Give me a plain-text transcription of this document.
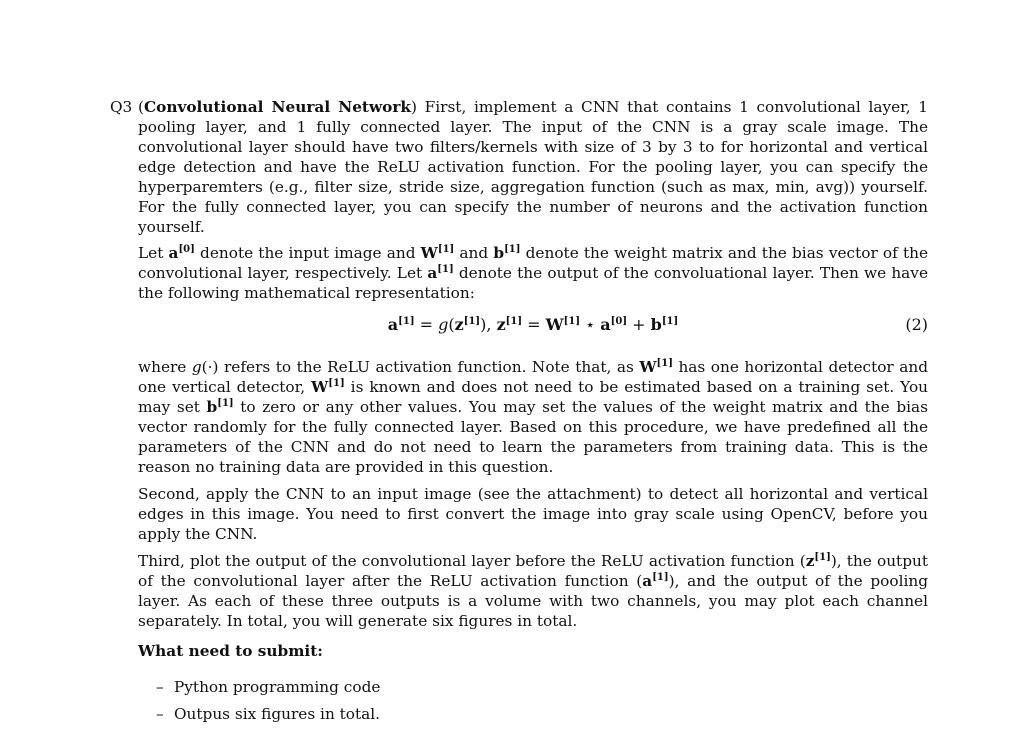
Q3 (Convolutional Neural Network) First, implement a CNN that contains 1 convolutional layer, 1 pooling layer, and 1 fully connected layer. The input of the CNN is a gray scale image. The convolutional layer should have two filters/kernels with size of 3 by 3 to for horizontal and vertical edge detection and have the ReLU activation function. For the pooling layer, you can specify the hyperparemters (e.g., filter size, stride size, aggregation function (such as max, min, avg)) yourself. For the fully connected layer, you can specify the number of neurons and the activation function yourself.

Let a[0] denote the input image and W[1] and b[1] denote the weight matrix and the bias vector of the convolutional layer, respectively. Let a[1] denote the output of the convoluational layer. Then we have the following mathematical representation:

a[1] = g(z[1]), z[1] = W[1] ⋆ a[0] + b[1]	(2)

where g(·) refers to the ReLU activation function. Note that, as W[1] has one horizontal detector and one vertical detector, W[1] is known and does not need to be estimated based on a training set. You may set b[1] to zero or any other values. You may set the values of the weight matrix and the bias vector randomly for the fully connected layer. Based on this procedure, we have predefined all the parameters of the CNN and do not need to learn the parameters from training data. This is the reason no training data are provided in this question.

Second, apply the CNN to an input image (see the attachment) to detect all horizontal and vertical edges in this image. You need to first convert the image into gray scale using OpenCV, before you apply the CNN.

Third, plot the output of the convolutional layer before the ReLU activation function (z[1]), the output of the convolutional layer after the ReLU activation function (a[1]), and the output of the pooling layer. As each of these three outputs is a volume with two channels, you may plot each channel separately. In total, you will generate six figures in total.

What need to submit:

– Python programming code
– Outpus six figures in total.
